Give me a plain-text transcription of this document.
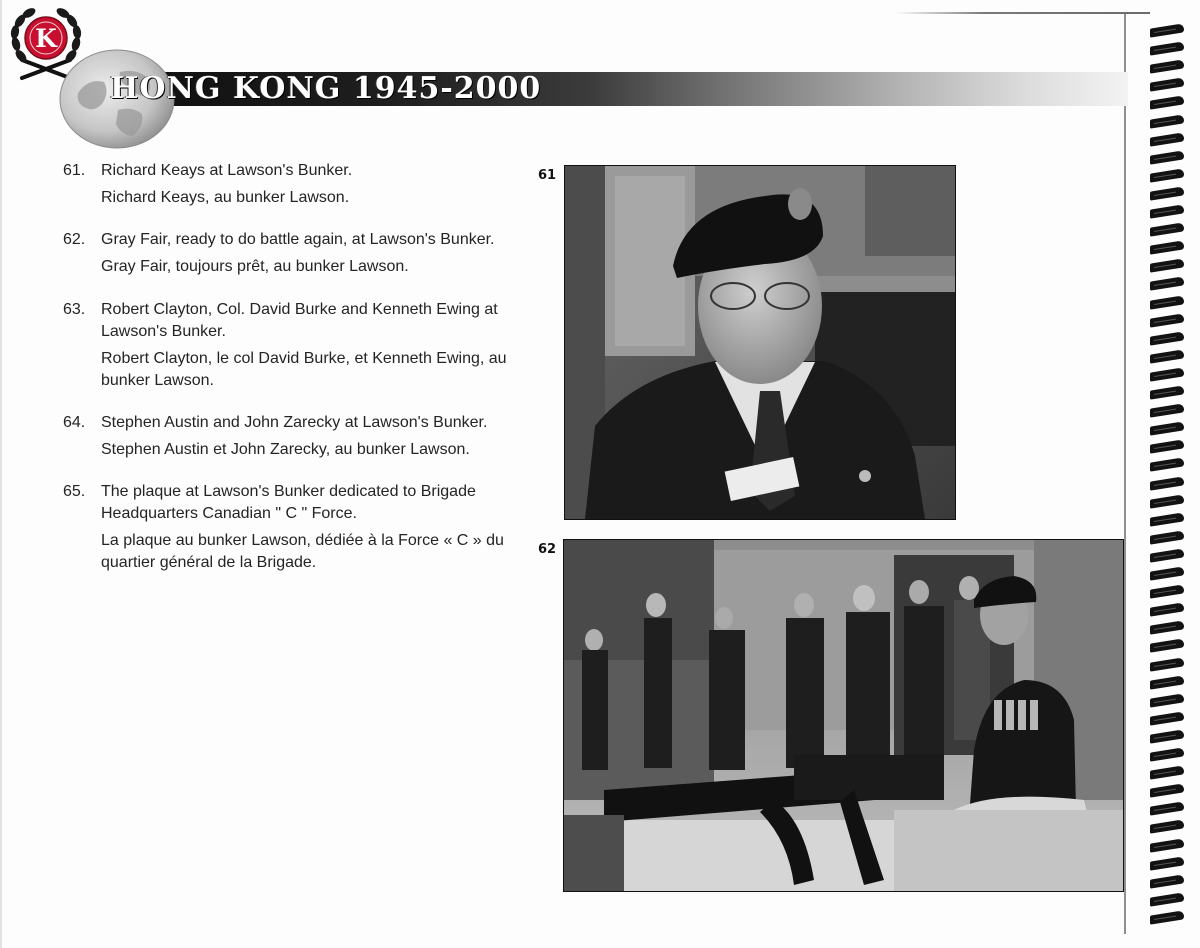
K
HONG KONG 1945-2000
61. Richard Keays at Lawson's Bunker.
Richard Keays, au bunker Lawson.
62. Gray Fair, ready to do battle again, at Lawson's Bunker.
Gray Fair, toujours prêt, au bunker Lawson.
63. Robert Clayton, Col. David Burke and Kenneth Ewing at Lawson's Bunker.
Robert Clayton, le col David Burke, et Kenneth Ewing, au bunker Lawson.
64. Stephen Austin and John Zarecky at Lawson's Bunker.
Stephen Austin et John Zarecky, au bunker Lawson.
65. The plaque at Lawson's Bunker dedicated to Brigade Headquarters Canadian " C " Force.
La plaque au bunker Lawson, dédiée à la Force « C » du quartier général de la Brigade.
61
62
